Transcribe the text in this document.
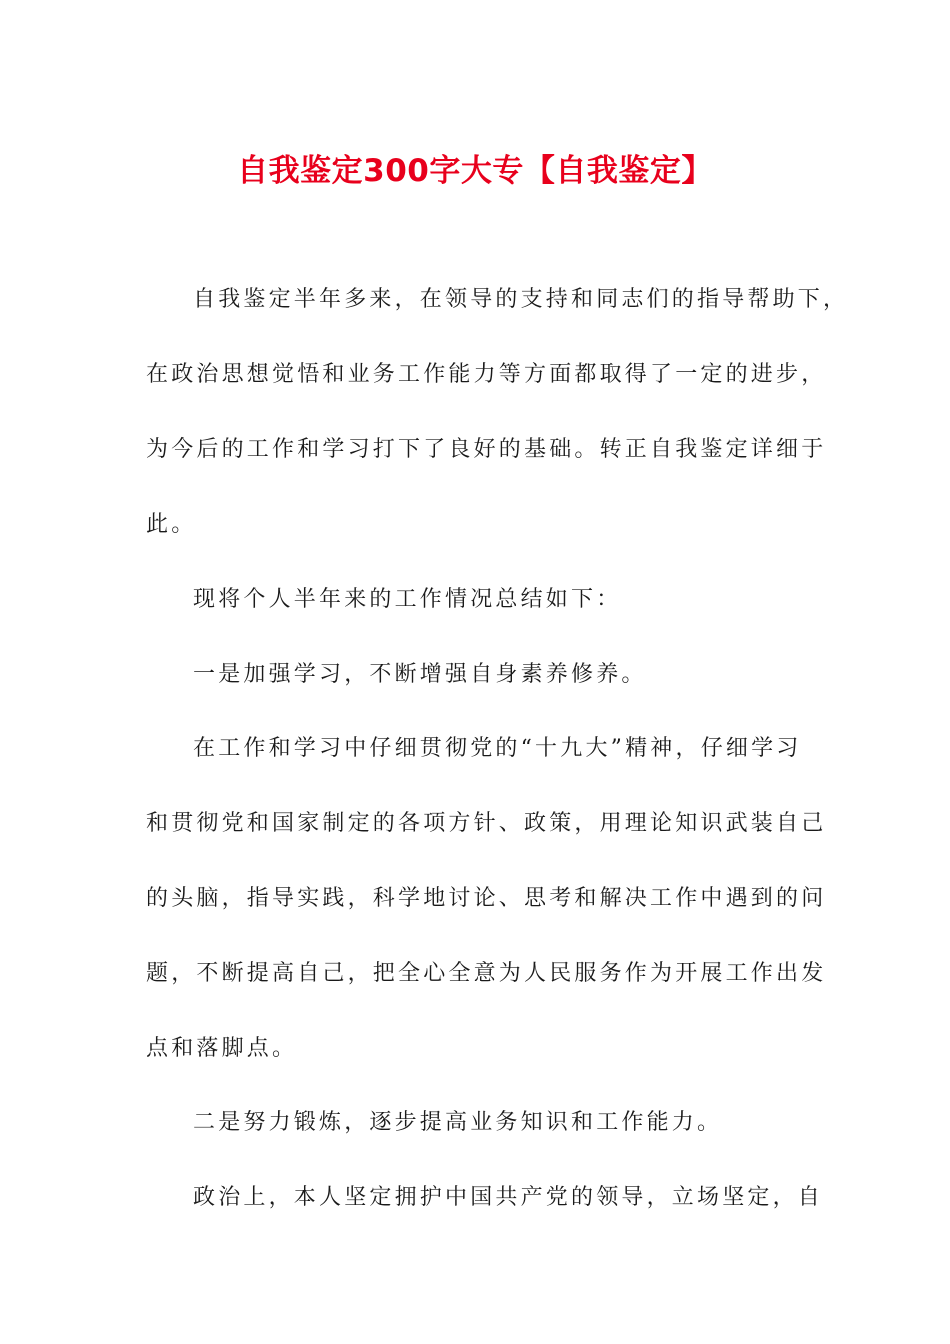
自我鉴定300字大专【自我鉴定】
自我鉴定半年多来，在领导的支持和同志们的指导帮助下，
在政治思想觉悟和业务工作能力等方面都取得了一定的进步，
为今后的工作和学习打下了良好的基础。转正自我鉴定详细于
此。
现将个人半年来的工作情况总结如下：
一是加强学习，不断增强自身素养修养。
在工作和学习中仔细贯彻党的“十九大”精神，仔细学习
和贯彻党和国家制定的各项方针、政策，用理论知识武装自己
的头脑，指导实践，科学地讨论、思考和解决工作中遇到的问
题，不断提高自己，把全心全意为人民服务作为开展工作出发
点和落脚点。
二是努力锻炼，逐步提高业务知识和工作能力。
政治上，本人坚定拥护中国共产党的领导，立场坚定，自
